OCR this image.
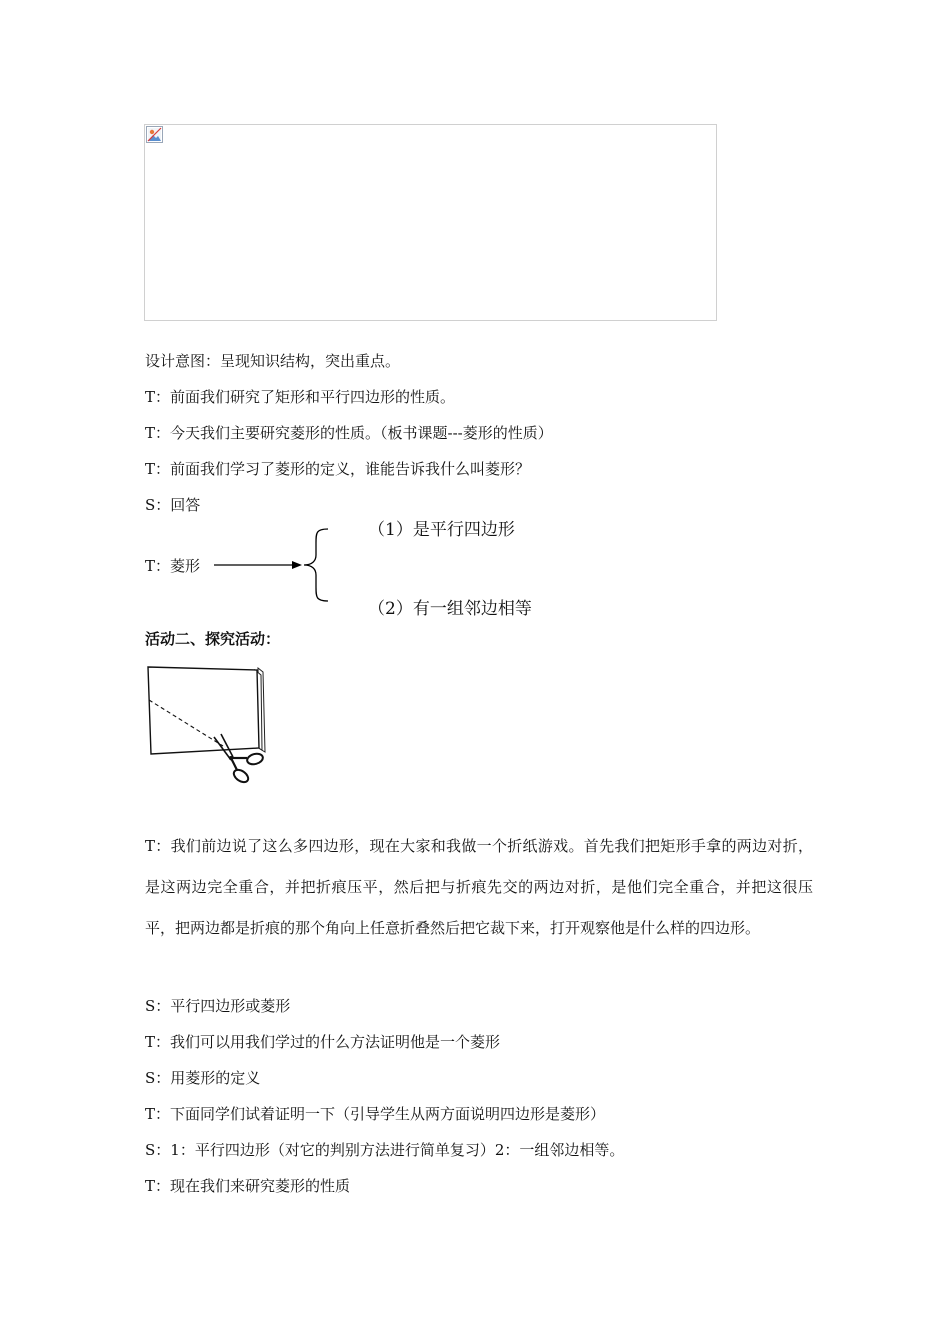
设计意图：呈现知识结构，突出重点。
T：前面我们研究了矩形和平行四边形的性质。
T：今天我们主要研究菱形的性质。（板书课题---菱形的性质）
T：前面我们学习了菱形的定义，谁能告诉我什么叫菱形？
S：回答
T：菱形
（1）是平行四边形
（2）有一组邻边相等
活动二、探究活动：
T：我们前边说了这么多四边形，现在大家和我做一个折纸游戏。首先我们把矩形手拿的两边对折，是这两边完全重合，并把折痕压平，然后把与折痕先交的两边对折，是他们完全重合，并把这很压平，把两边都是折痕的那个角向上任意折叠然后把它裁下来，打开观察他是什么样的四边形。
S：平行四边形或菱形
T：我们可以用我们学过的什么方法证明他是一个菱形
S：用菱形的定义
T：下面同学们试着证明一下（引导学生从两方面说明四边形是菱形）
S：1：平行四边形（对它的判别方法进行简单复习）2：一组邻边相等。
T：现在我们来研究菱形的性质
